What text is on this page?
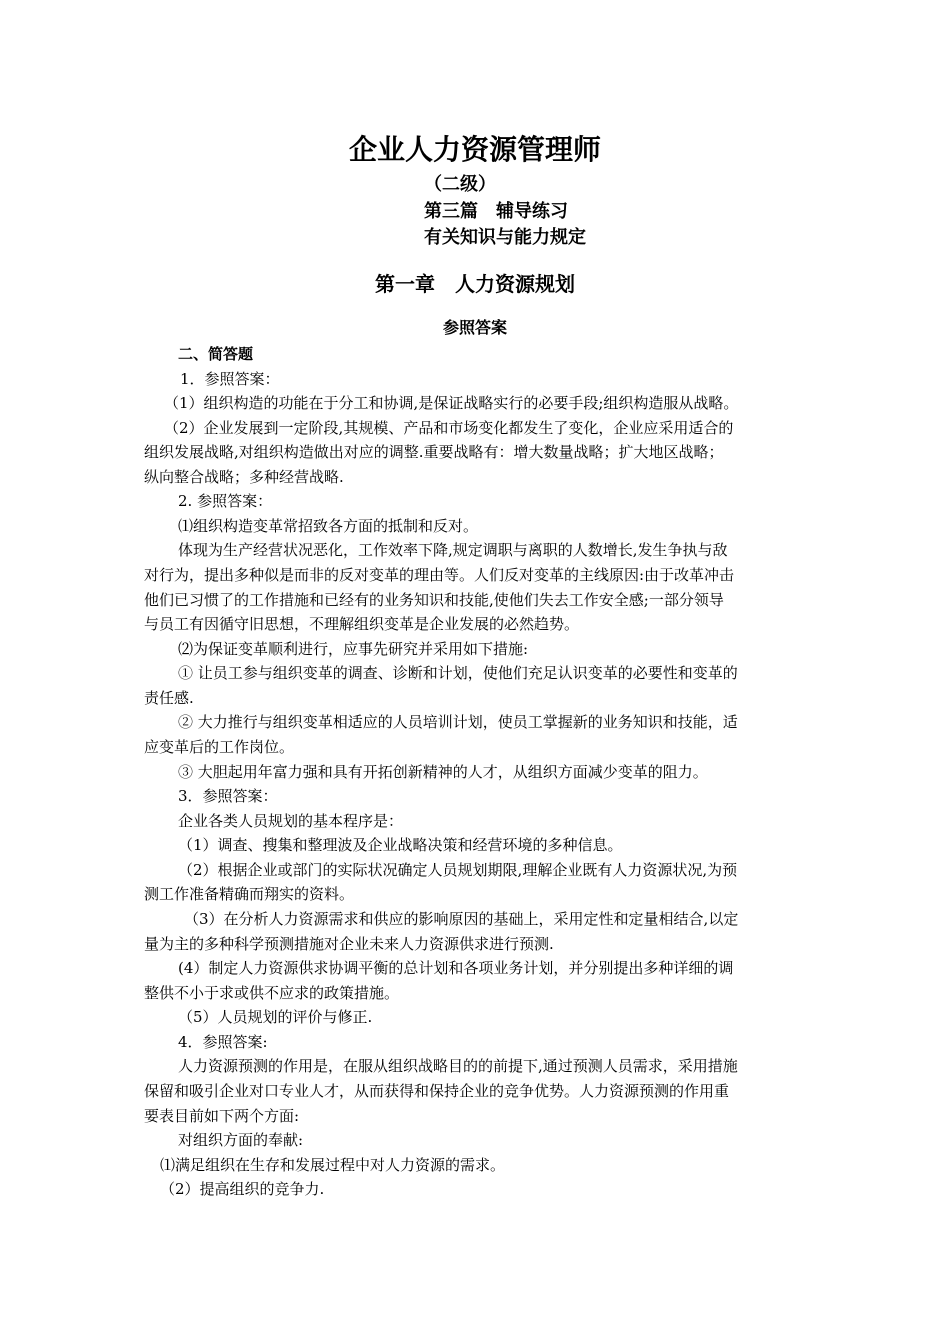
企业人力资源管理师
（二级）
第三篇　辅导练习
有关知识与能力规定
第一章　人力资源规划
参照答案
二、简答题
1．参照答案：
（1）组织构造的功能在于分工和协调,是保证战略实行的必要手段;组织构造服从战略。
（2）企业发展到一定阶段,其规模、产品和市场变化都发生了变化，企业应采用适合的
组织发展战略,对组织构造做出对应的调整.重要战略有：增大数量战略；扩大地区战略；
纵向整合战略；多种经营战略.
2. 参照答案：
⑴组织构造变革常招致各方面的抵制和反对。
体现为生产经营状况恶化，工作效率下降,规定调职与离职的人数增长,发生争执与敌
对行为，提出多种似是而非的反对变革的理由等。人们反对变革的主线原因:由于改革冲击
他们已习惯了的工作措施和已经有的业务知识和技能,使他们失去工作安全感;一部分领导
与员工有因循守旧思想，不理解组织变革是企业发展的必然趋势。
⑵为保证变革顺利进行，应事先研究并采用如下措施:
① 让员工参与组织变革的调查、诊断和计划，使他们充足认识变革的必要性和变革的
责任感.
② 大力推行与组织变革相适应的人员培训计划，使员工掌握新的业务知识和技能，适
应变革后的工作岗位。
③ 大胆起用年富力强和具有开拓创新精神的人才，从组织方面减少变革的阻力。
3．参照答案：
企业各类人员规划的基本程序是：
（1）调查、搜集和整理波及企业战略决策和经营环境的多种信息。
（2）根据企业或部门的实际状况确定人员规划期限,理解企业既有人力资源状况,为预
测工作准备精确而翔实的资料。
（3）在分析人力资源需求和供应的影响原因的基础上，采用定性和定量相结合,以定
量为主的多种科学预测措施对企业未来人力资源供求进行预测.
(4）制定人力资源供求协调平衡的总计划和各项业务计划，并分别提出多种详细的调
整供不小于求或供不应求的政策措施。
（5）人员规划的评价与修正.
4．参照答案:
人力资源预测的作用是，在服从组织战略目的的前提下,通过预测人员需求，采用措施
保留和吸引企业对口专业人才，从而获得和保持企业的竞争优势。人力资源预测的作用重
要表目前如下两个方面:
对组织方面的奉献:
⑴满足组织在生存和发展过程中对人力资源的需求。
（2）提高组织的竞争力.
